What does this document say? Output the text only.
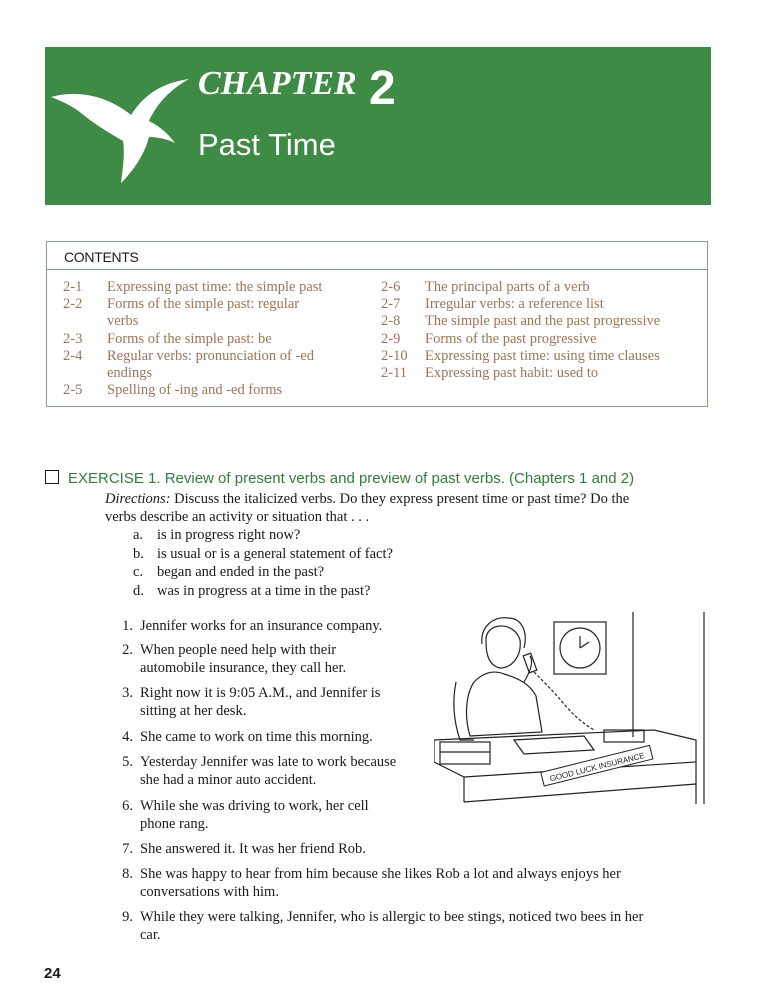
CHAPTER 2
Past Time
CONTENTS
2-1	Expressing past time: the simple past
2-2	Forms of the simple past: regular
verbs
2-3	Forms of the simple past: be
2-4	Regular verbs: pronunciation of -ed
endings
2-5	Spelling of -ing and -ed forms
2-6	The principal parts of a verb
2-7	Irregular verbs: a reference list
2-8	The simple past and the past progressive
2-9	Forms of the past progressive
2-10	Expressing past time: using time clauses
2-11	Expressing past habit: used to
EXERCISE 1. Review of present verbs and preview of past verbs. (Chapters 1 and 2)
Directions: Discuss the italicized verbs. Do they express present time or past time? Do the
verbs describe an activity or situation that . . .
a. is in progress right now?
b. is usual or is a general statement of fact?
c. began and ended in the past?
d. was in progress at a time in the past?
1. Jennifer works for an insurance company.
2. When people need help with their
automobile insurance, they call her.
3. Right now it is 9:05 A.M., and Jennifer is
sitting at her desk.
4. She came to work on time this morning.
5. Yesterday Jennifer was late to work because
she had a minor auto accident.
6. While she was driving to work, her cell
phone rang.
7. She answered it. It was her friend Rob.
8. She was happy to hear from him because she likes Rob a lot and always enjoys her
conversations with him.
9. While they were talking, Jennifer, who is allergic to bee stings, noticed two bees in her
car.
GOOD LUCK INSURANCE
24
